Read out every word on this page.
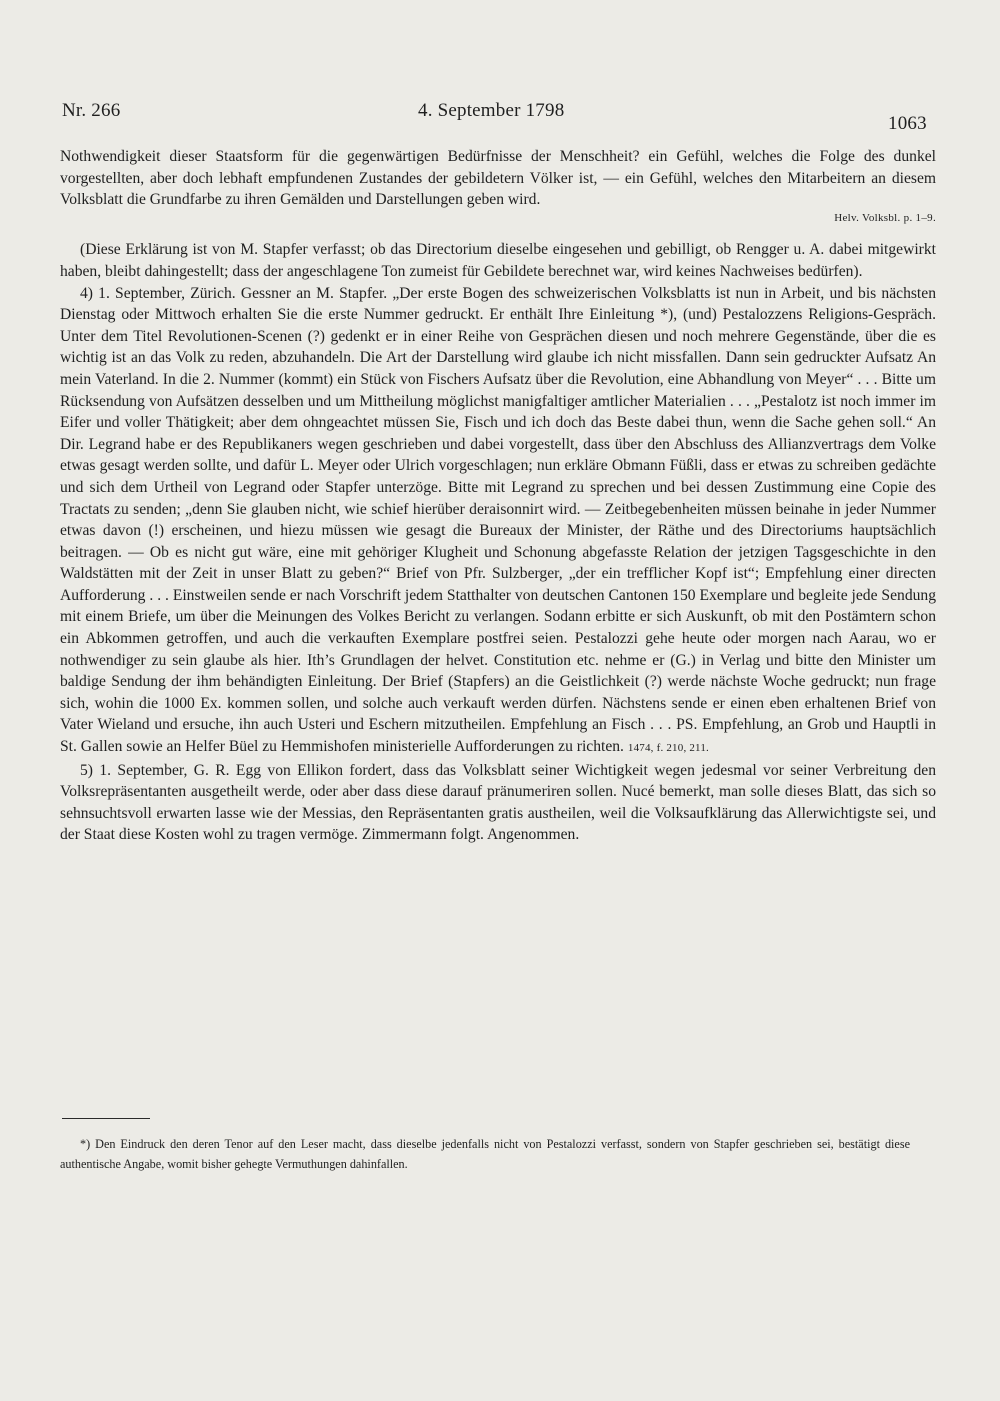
Nr. 266	4. September 1798
1063

Nothwendigkeit dieser Staatsform für die gegenwärtigen Bedürfnisse der Menschheit? ein Gefühl, welches die Folge des dunkel vorgestellten, aber doch lebhaft empfundenen Zustandes der gebildetern Völker ist, — ein Gefühl, welches den Mitarbeitern an diesem Volksblatt die Grundfarbe zu ihren Gemälden und Darstellungen geben wird.

Helv. Volksbl. p. 1–9.

(Diese Erklärung ist von M. Stapfer verfasst; ob das Directorium dieselbe eingesehen und gebilligt, ob Rengger u. A. dabei mitgewirkt haben, bleibt dahingestellt; dass der angeschlagene Ton zumeist für Gebildete berechnet war, wird keines Nachweises bedürfen).

4) 1. September, Zürich. Gessner an M. Stapfer. „Der erste Bogen des schweizerischen Volksblatts ist nun in Arbeit, und bis nächsten Dienstag oder Mittwoch erhalten Sie die erste Nummer gedruckt. Er enthält Ihre Einleitung *), (und) Pestalozzens Religions-Gespräch. Unter dem Titel Revolutionen-Scenen (?) gedenkt er in einer Reihe von Gesprächen diesen und noch mehrere Gegenstände, über die es wichtig ist an das Volk zu reden, abzuhandeln. Die Art der Darstellung wird glaube ich nicht missfallen. Dann sein gedruckter Aufsatz An mein Vaterland. In die 2. Nummer (kommt) ein Stück von Fischers Aufsatz über die Revolution, eine Abhandlung von Meyer“ . . . Bitte um Rücksendung von Aufsätzen desselben und um Mittheilung möglichst manigfaltiger amtlicher Materialien . . . „Pestalotz ist noch immer im Eifer und voller Thätigkeit; aber dem ohngeachtet müssen Sie, Fisch und ich doch das Beste dabei thun, wenn die Sache gehen soll.“ An Dir. Legrand habe er des Republikaners wegen geschrieben und dabei vorgestellt, dass über den Abschluss des Allianzvertrags dem Volke etwas gesagt werden sollte, und dafür L. Meyer oder Ulrich vorgeschlagen; nun erkläre Obmann Füßli, dass er etwas zu schreiben gedächte und sich dem Urtheil von Legrand oder Stapfer unterzöge. Bitte mit Legrand zu sprechen und bei dessen Zustimmung eine Copie des Tractats zu senden; „denn Sie glauben nicht, wie schief hierüber deraisonnirt wird. — Zeitbegebenheiten müssen beinahe in jeder Nummer etwas davon (!) erscheinen, und hiezu müssen wie gesagt die Bureaux der Minister, der Räthe und des Directoriums hauptsächlich beitragen. — Ob es nicht gut wäre, eine mit gehöriger Klugheit und Schonung abgefasste Relation der jetzigen Tagsgeschichte in den Waldstätten mit der Zeit in unser Blatt zu geben?“ Brief von Pfr. Sulzberger, „der ein trefflicher Kopf ist“; Empfehlung einer directen Aufforderung . . . Einstweilen sende er nach Vorschrift jedem Statthalter von deutschen Cantonen 150 Exemplare und begleite jede Sendung mit einem Briefe, um über die Meinungen des Volkes Bericht zu verlangen. Sodann erbitte er sich Auskunft, ob mit den Postämtern schon ein Abkommen getroffen, und auch die verkauften Exemplare postfrei seien. Pestalozzi gehe heute oder morgen nach Aarau, wo er nothwendiger zu sein glaube als hier. Ith’s Grundlagen der helvet. Constitution etc. nehme er (G.) in Verlag und bitte den Minister um baldige Sendung der ihm behändigten Einleitung. Der Brief (Stapfers) an die Geistlichkeit (?) werde nächste Woche gedruckt; nun frage sich, wohin die 1000 Ex. kommen sollen, und solche auch verkauft werden dürfen. Nächstens sende er einen eben erhaltenen Brief von Vater Wieland und ersuche, ihn auch Usteri und Eschern mitzutheilen. Empfehlung an Fisch . . . PS. Empfehlung, an Grob und Hauptli in St. Gallen sowie an Helfer Büel zu Hemmishofen ministerielle Aufforderungen zu richten. 1474, f. 210, 211.

5) 1. September, G. R. Egg von Ellikon fordert, dass das Volksblatt seiner Wichtigkeit wegen jedesmal vor seiner Verbreitung den Volksrepräsentanten ausgetheilt werde, oder aber dass diese darauf pränumeriren sollen. Nucé bemerkt, man solle dieses Blatt, das sich so sehnsuchtsvoll erwarten lasse wie der Messias, den Repräsentanten gratis austheilen, weil die Volksaufklärung das Allerwichtigste sei, und der Staat diese Kosten wohl zu tragen vermöge. Zimmermann folgt. Angenommen.

*) Den Eindruck den deren Tenor auf den Leser macht, dass dieselbe jedenfalls nicht von Pestalozzi verfasst, sondern von Stapfer geschrieben sei, bestätigt diese authentische Angabe, womit bisher gehegte Vermuthungen dahinfallen.
